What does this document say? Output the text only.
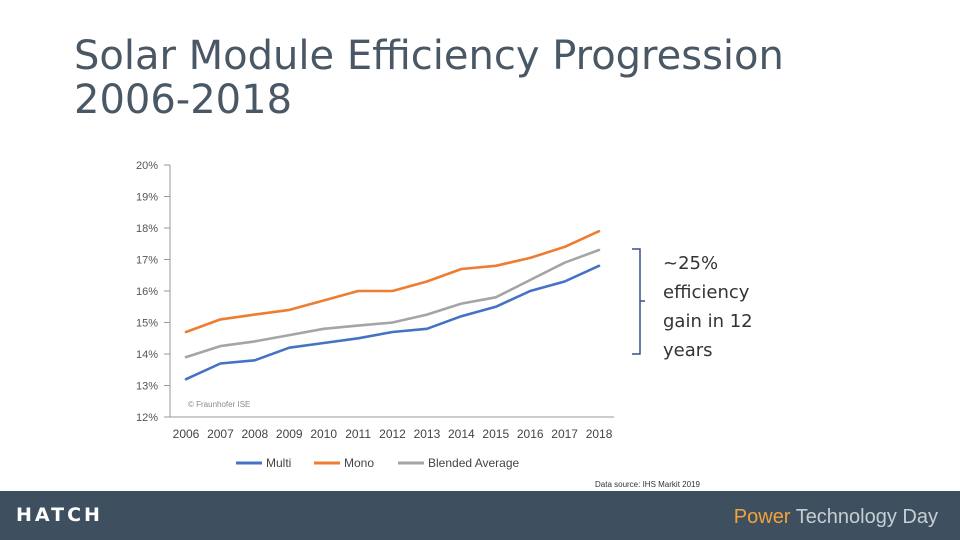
Solar Module Efficiency Progression
2006-2018
12%
13%
14%
15%
16%
17%
18%
19%
20%
2006 2007 2008 2009 2010 2011 2012 2013 2014 2015 2016 2017 2018
© Fraunhofer ISE
Multi	Mono	Blended Average
~25% efficiency gain in 12 years
Data source: IHS Markit 2019
HATCH	Power Technology Day
